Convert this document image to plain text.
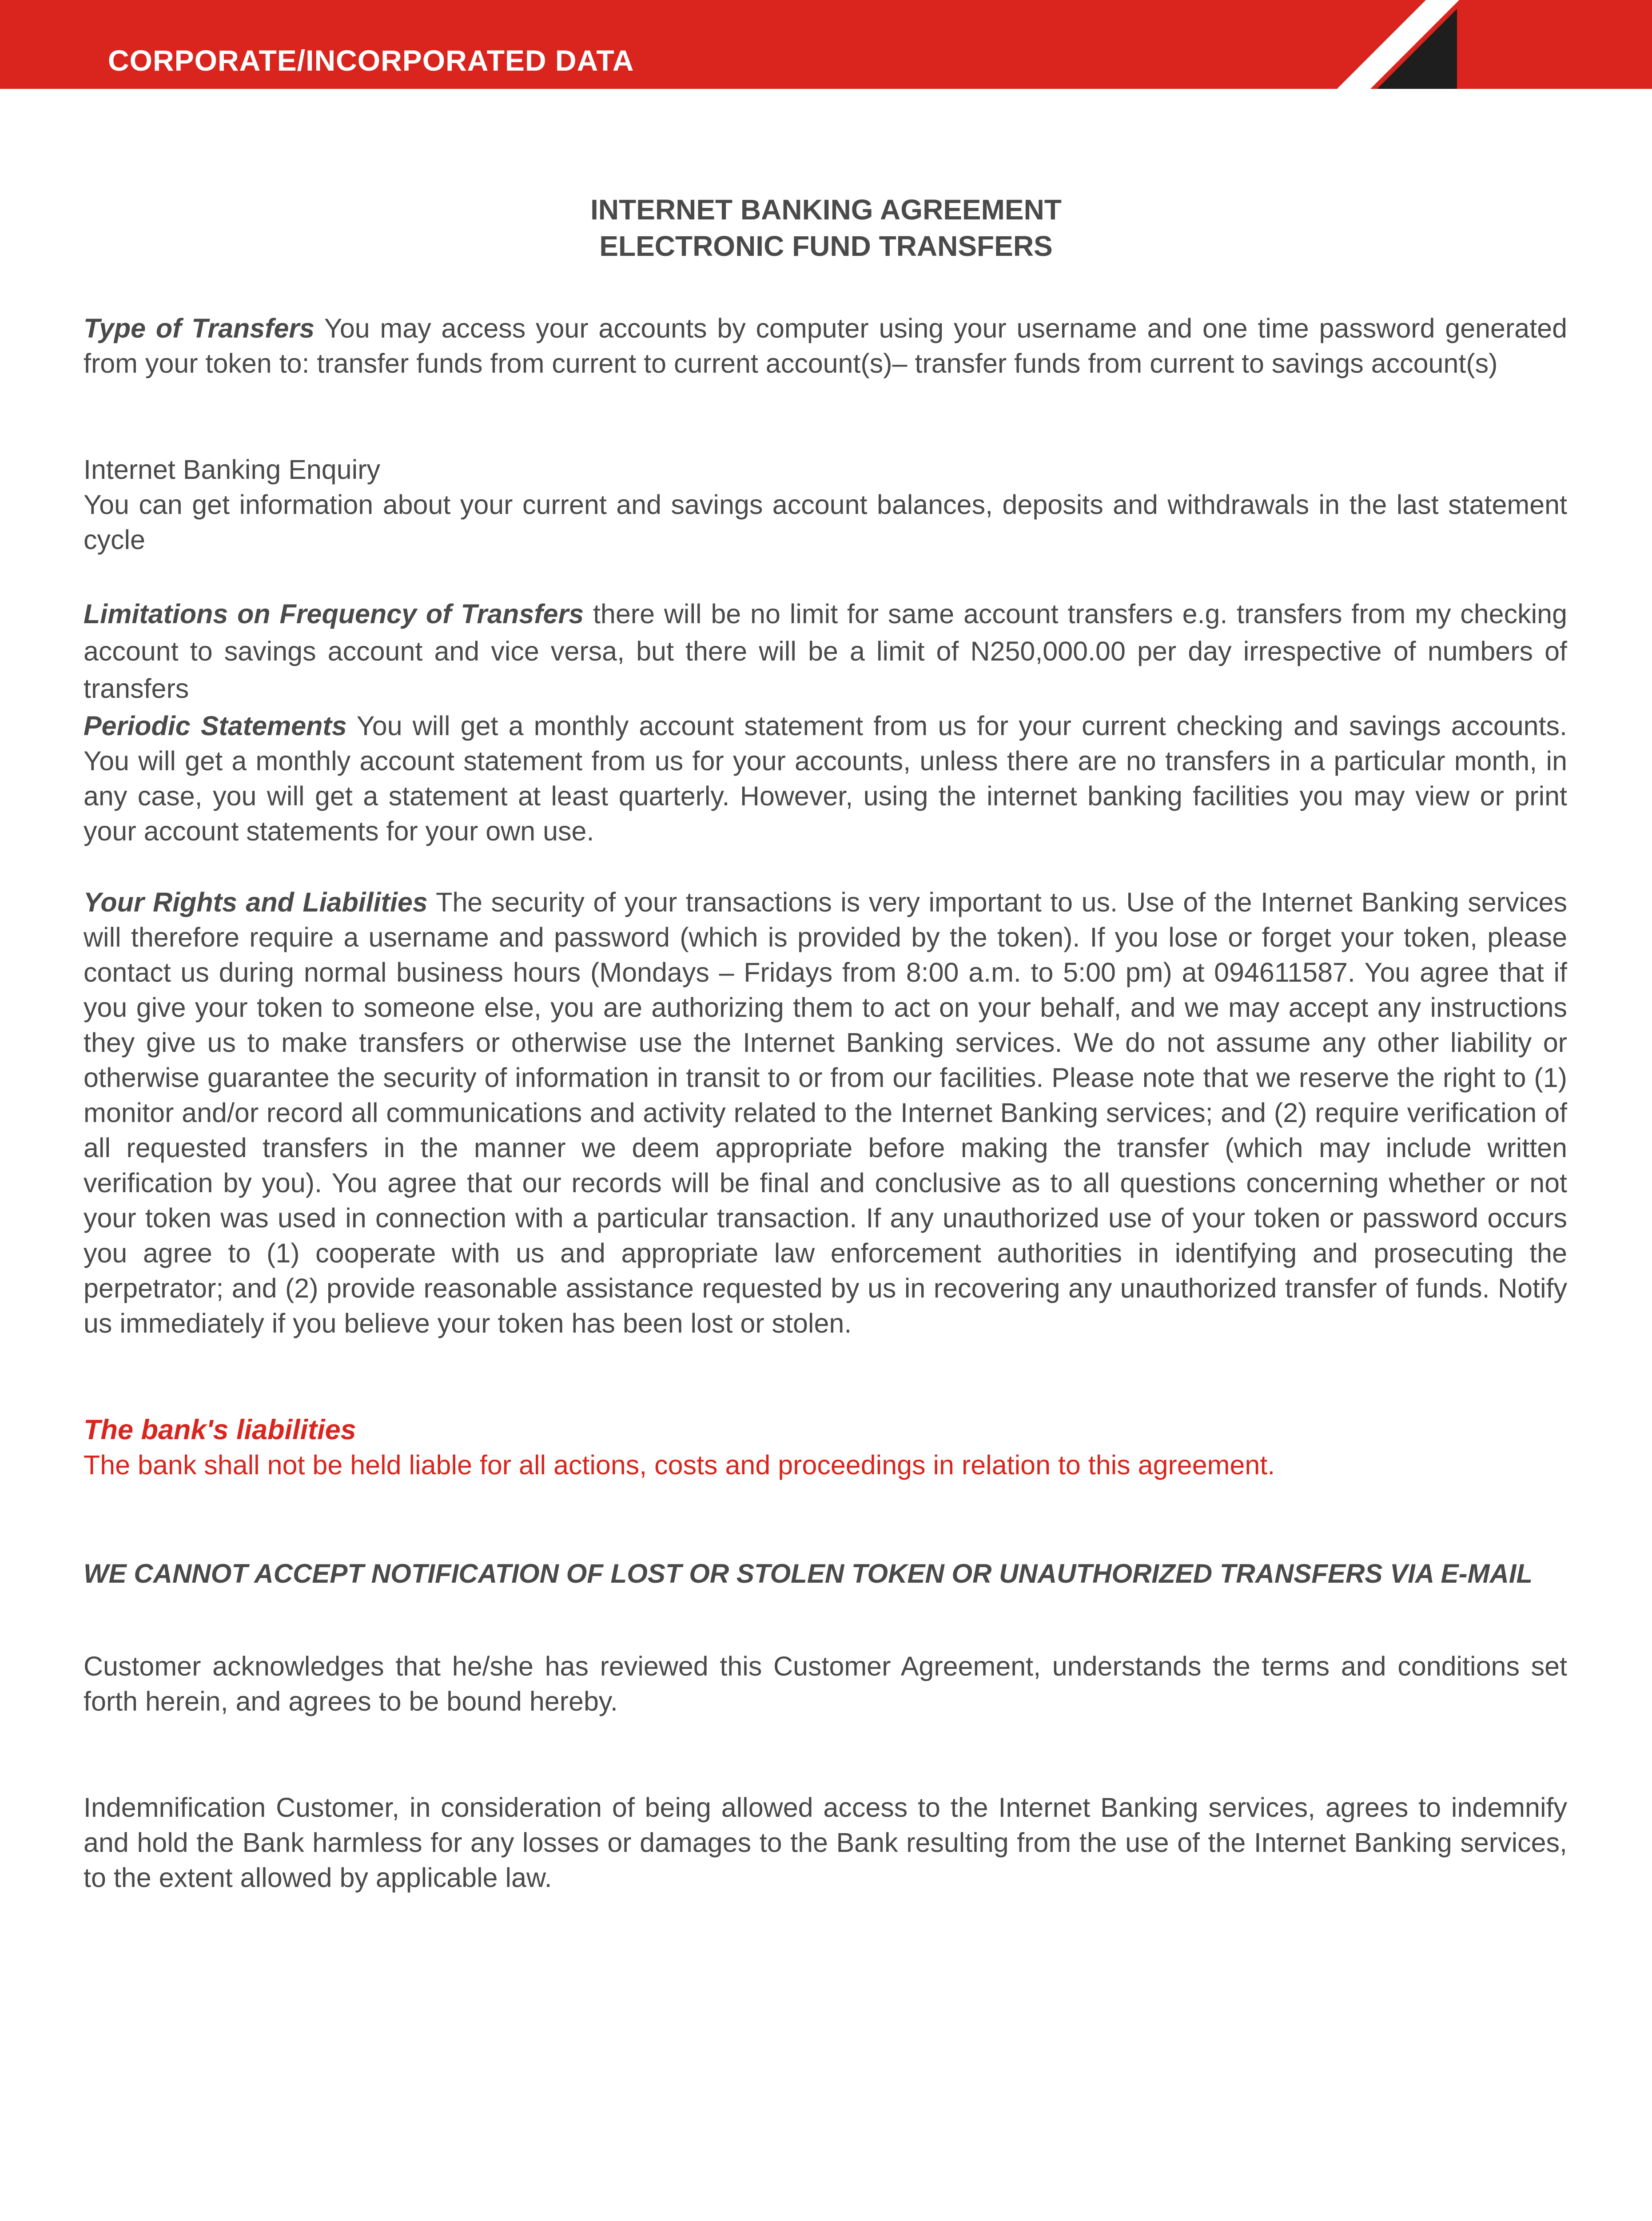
CORPORATE/INCORPORATED DATA
INTERNET BANKING AGREEMENT
ELECTRONIC FUND TRANSFERS
Type of Transfers You may access your accounts by computer using your username and one time password generated from your token to: transfer funds from current to current account(s)– transfer funds from current to savings account(s)
Internet Banking Enquiry
You can get information about your current and savings account balances, deposits and withdrawals in the last statement cycle
Limitations on Frequency of Transfers there will be no limit for same account transfers e.g. transfers from my checking account to savings account and vice versa, but there will be a limit of N250,000.00 per day irrespective of numbers of transfers
Periodic Statements You will get a monthly account statement from us for your current checking and savings accounts. You will get a monthly account statement from us for your accounts, unless there are no transfers in a particular month, in any case, you will get a statement at least quarterly. However, using the internet banking facilities you may view or print your account statements for your own use.
Your Rights and Liabilities The security of your transactions is very important to us. Use of the Internet Banking services will therefore require a username and password (which is provided by the token). If you lose or forget your token, please contact us during normal business hours (Mondays – Fridays from 8:00 a.m. to 5:00 pm) at 094611587. You agree that if you give your token to someone else, you are authorizing them to act on your behalf, and we may accept any instructions they give us to make transfers or otherwise use the Internet Banking services. We do not assume any other liability or otherwise guarantee the security of information in transit to or from our facilities. Please note that we reserve the right to (1) monitor and/or record all communications and activity related to the Internet Banking services; and (2) require verification of all requested transfers in the manner we deem appropriate before making the transfer (which may include written verification by you). You agree that our records will be final and conclusive as to all questions concerning whether or not your token was used in connection with a particular transaction. If any unauthorized use of your token or password occurs you agree to (1) cooperate with us and appropriate law enforcement authorities in identifying and prosecuting the perpetrator; and (2) provide reasonable assistance requested by us in recovering any unauthorized transfer of funds. Notify us immediately if you believe your token has been lost or stolen.
The bank's liabilities
The bank shall not be held liable for all actions, costs and proceedings in relation to this agreement.
WE CANNOT ACCEPT NOTIFICATION OF LOST OR STOLEN TOKEN OR UNAUTHORIZED TRANSFERS VIA E-MAIL
Customer acknowledges that he/she has reviewed this Customer Agreement, understands the terms and conditions set forth herein, and agrees to be bound hereby.
Indemnification Customer, in consideration of being allowed access to the Internet Banking services, agrees to indemnify and hold the Bank harmless for any losses or damages to the Bank resulting from the use of the Internet Banking services, to the extent allowed by applicable law.
